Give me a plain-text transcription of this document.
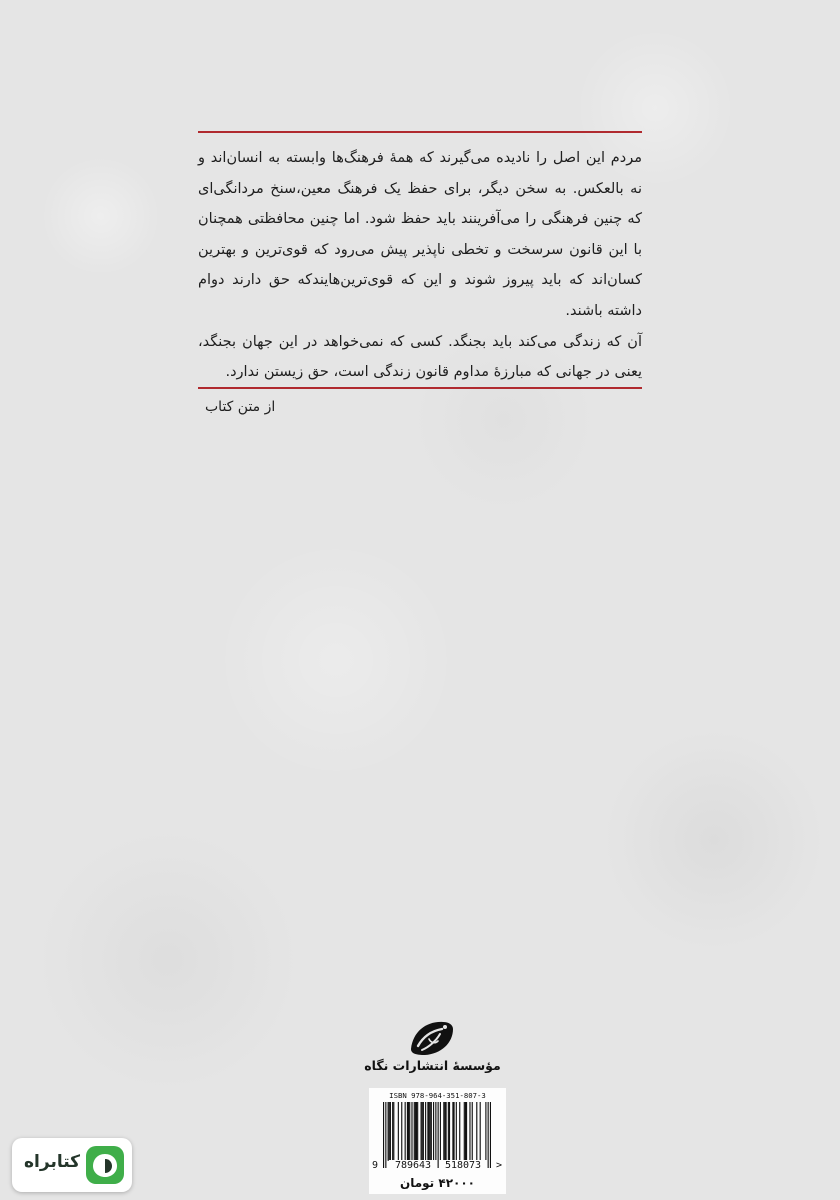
مردم این اصل را نادیده می‌گیرند که همهٔ فرهنگ‌ها وابسته به انسان‌اند و
نه بالعکس. به سخن دیگر، برای حفظ یک فرهنگ معین،سنخ مردانگی‌ای
که چنین فرهنگی را می‌آفرینند باید حفظ شود. اما چنین محافظتی همچنان
با این قانون سرسخت و تخطی ناپذیر پیش می‌رود که قوی‌ترین و بهترین
کسان‌اند که باید پیروز شوند و این که قوی‌ترین‌هایندکه حق دارند دوام
داشته باشند.
آن که زندگی می‌کند باید بجنگد. کسی که نمی‌خواهد در این جهان بجنگد،
یعنی در جهانی که مبارزهٔ مداوم قانون زندگی است، حق زیستن ندارد.
از متن کتاب
مؤسسهٔ انتشارات نگاه
ISBN 978-964-351-807-3
9	789643	518073	>
۴۲۰۰۰ تومان
کتابراه
